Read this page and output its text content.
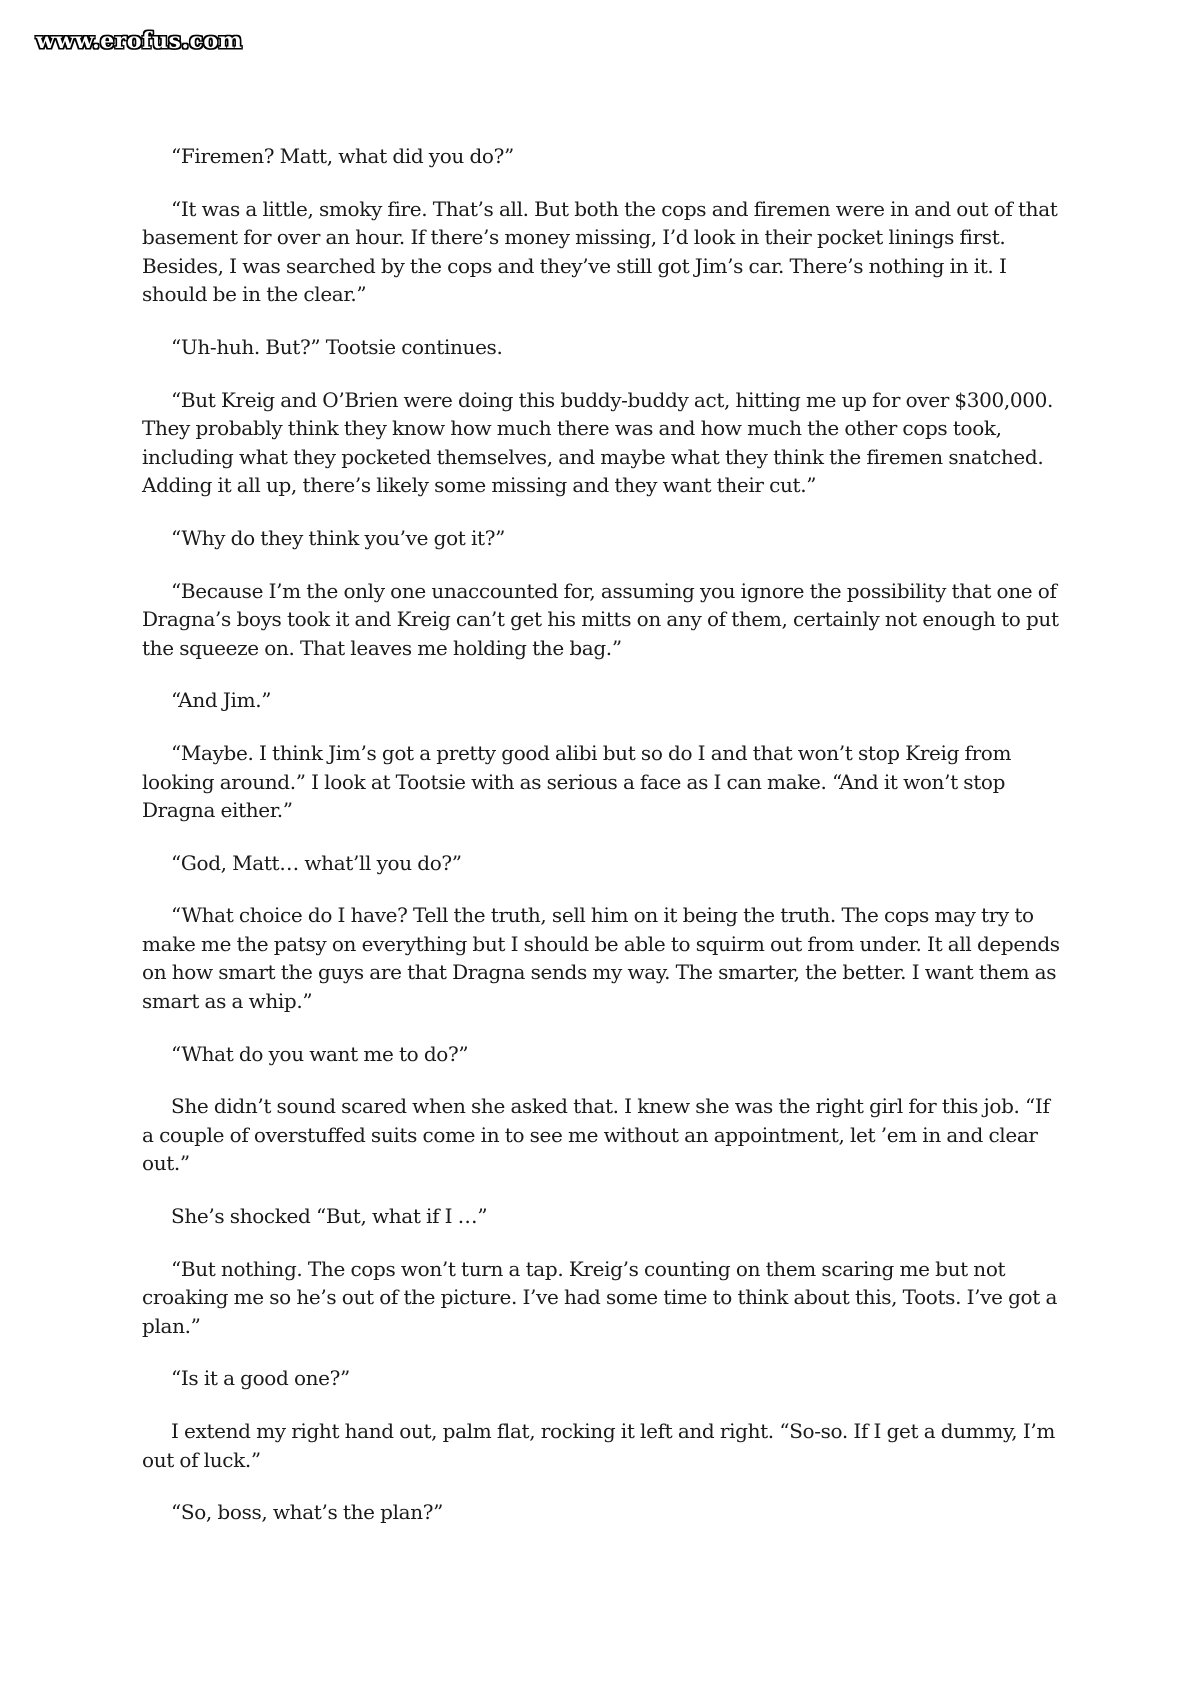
www.erofus.com

“Firemen? Matt, what did you do?”

“It was a little, smoky fire. That’s all. But both the cops and firemen were in and out of that basement for over an hour. If there’s money missing, I’d look in their pocket linings first. Besides, I was searched by the cops and they’ve still got Jim’s car. There’s nothing in it. I should be in the clear.”

“Uh-huh. But?” Tootsie continues.

“But Kreig and O’Brien were doing this buddy-buddy act, hitting me up for over $300,000. They probably think they know how much there was and how much the other cops took, including what they pocketed themselves, and maybe what they think the firemen snatched. Adding it all up, there’s likely some missing and they want their cut.”

“Why do they think you’ve got it?”

“Because I’m the only one unaccounted for, assuming you ignore the possibility that one of Dragna’s boys took it and Kreig can’t get his mitts on any of them, certainly not enough to put the squeeze on. That leaves me holding the bag.”

“And Jim.”

“Maybe. I think Jim’s got a pretty good alibi but so do I and that won’t stop Kreig from looking around.” I look at Tootsie with as serious a face as I can make. “And it won’t stop Dragna either.”

“God, Matt… what’ll you do?”

“What choice do I have? Tell the truth, sell him on it being the truth. The cops may try to make me the patsy on everything but I should be able to squirm out from under. It all depends on how smart the guys are that Dragna sends my way. The smarter, the better. I want them as smart as a whip.”

“What do you want me to do?”

She didn’t sound scared when she asked that. I knew she was the right girl for this job. “If a couple of overstuffed suits come in to see me without an appointment, let ’em in and clear out.”

She’s shocked “But, what if I …”

“But nothing. The cops won’t turn a tap. Kreig’s counting on them scaring me but not croaking me so he’s out of the picture. I’ve had some time to think about this, Toots. I’ve got a plan.”

“Is it a good one?”

I extend my right hand out, palm flat, rocking it left and right. “So-so. If I get a dummy, I’m out of luck.”

“So, boss, what’s the plan?”
